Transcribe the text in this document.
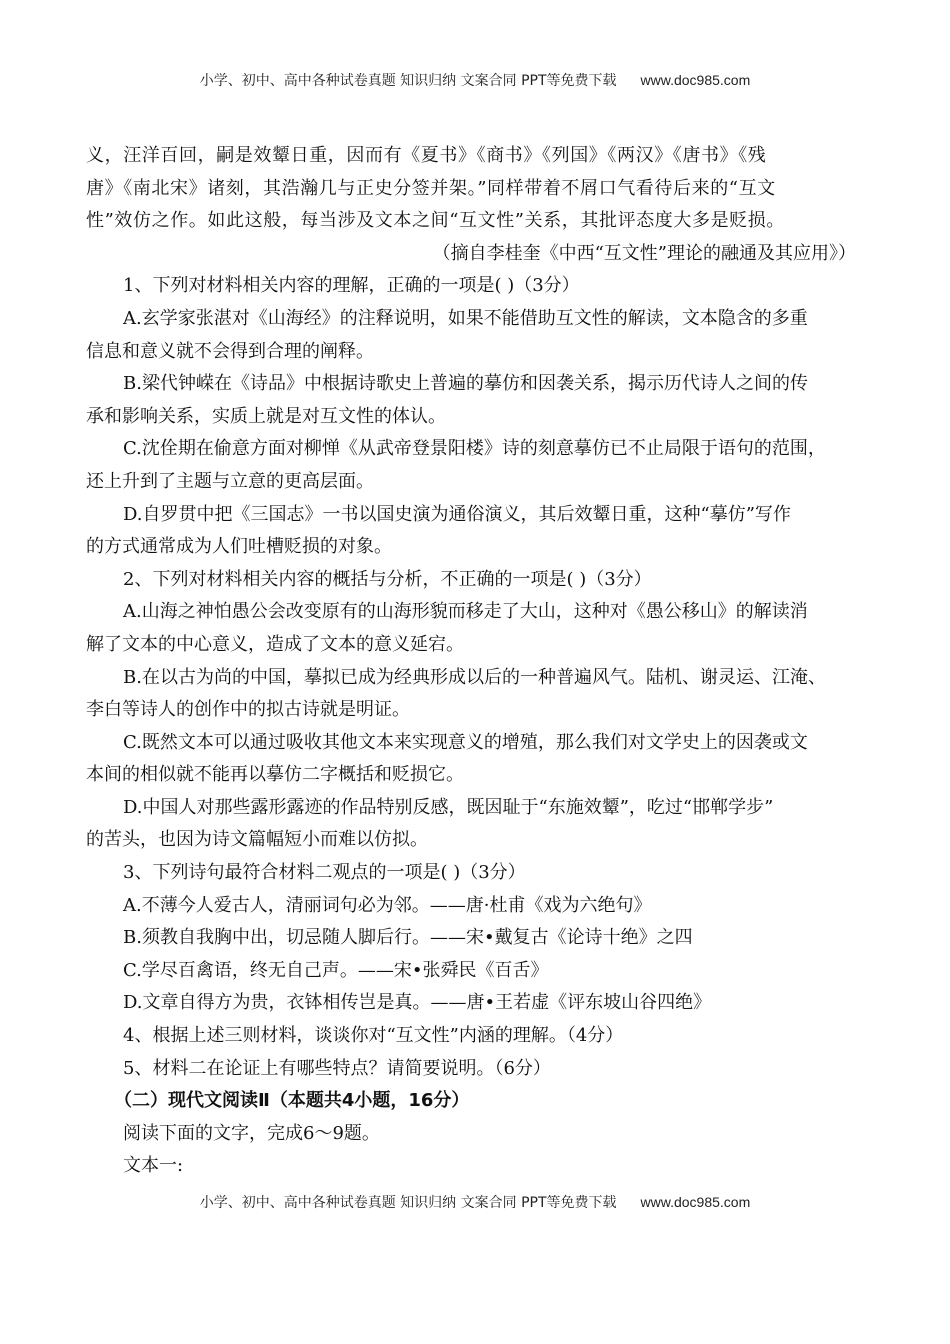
小学、初中、高中各种试卷真题 知识归纳 文案合同 PPT等免费下载 www.doc985.com
义，汪洋百回，嗣是效颦日重，因而有《夏书》《商书》《列国》《两汉》《唐书》《残
唐》《南北宋》诸刻，其浩瀚几与正史分签并架。”同样带着不屑口气看待后来的“互文
性”效仿之作。如此这般，每当涉及文本之间“互文性”关系，其批评态度大多是贬损。
（摘自李桂奎《中西“互文性”理论的融通及其应用》）
1、下列对材料相关内容的理解，正确的一项是( )（3分）
A.玄学家张湛对《山海经》的注释说明，如果不能借助互文性的解读，文本隐含的多重
信息和意义就不会得到合理的阐释。
B.梁代钟嵘在《诗品》中根据诗歌史上普遍的摹仿和因袭关系，揭示历代诗人之间的传
承和影响关系，实质上就是对互文性的体认。
C.沈佺期在偷意方面对柳惮《从武帝登景阳楼》诗的刻意摹仿已不止局限于语句的范围，
还上升到了主题与立意的更高层面。
D.自罗贯中把《三国志》一书以国史演为通俗演义，其后效颦日重，这种“摹仿”写作
的方式通常成为人们吐槽贬损的对象。
2、下列对材料相关内容的概括与分析，不正确的一项是( )（3分）
A.山海之神怕愚公会改变原有的山海形貌而移走了大山，这种对《愚公移山》的解读消
解了文本的中心意义，造成了文本的意义延宕。
B.在以古为尚的中国，摹拟已成为经典形成以后的一种普遍风气。陆机、谢灵运、江淹、
李白等诗人的创作中的拟古诗就是明证。
C.既然文本可以通过吸收其他文本来实现意义的增殖，那么我们对文学史上的因袭或文
本间的相似就不能再以摹仿二字概括和贬损它。
D.中国人对那些露形露迹的作品特别反感，既因耻于“东施效颦”，吃过“邯郸学步”
的苦头，也因为诗文篇幅短小而难以仿拟。
3、下列诗句最符合材料二观点的一项是( )（3分）
A.不薄今人爱古人，清丽词句必为邻。——唐·杜甫《戏为六绝句》
B.须教自我胸中出，切忌随人脚后行。——宋•戴复古《论诗十绝》之四
C.学尽百禽语，终无自己声。——宋•张舜民《百舌》
D.文章自得方为贵，衣钵相传岂是真。——唐•王若虚《评东坡山谷四绝》
4、根据上述三则材料，谈谈你对“互文性”内涵的理解。（4分）
5、材料二在论证上有哪些特点？请简要说明。（6分）
（二）现代文阅读Ⅱ（本题共4小题，16分）
阅读下面的文字，完成6～9题。
文本一:
小学、初中、高中各种试卷真题 知识归纳 文案合同 PPT等免费下载 www.doc985.com
